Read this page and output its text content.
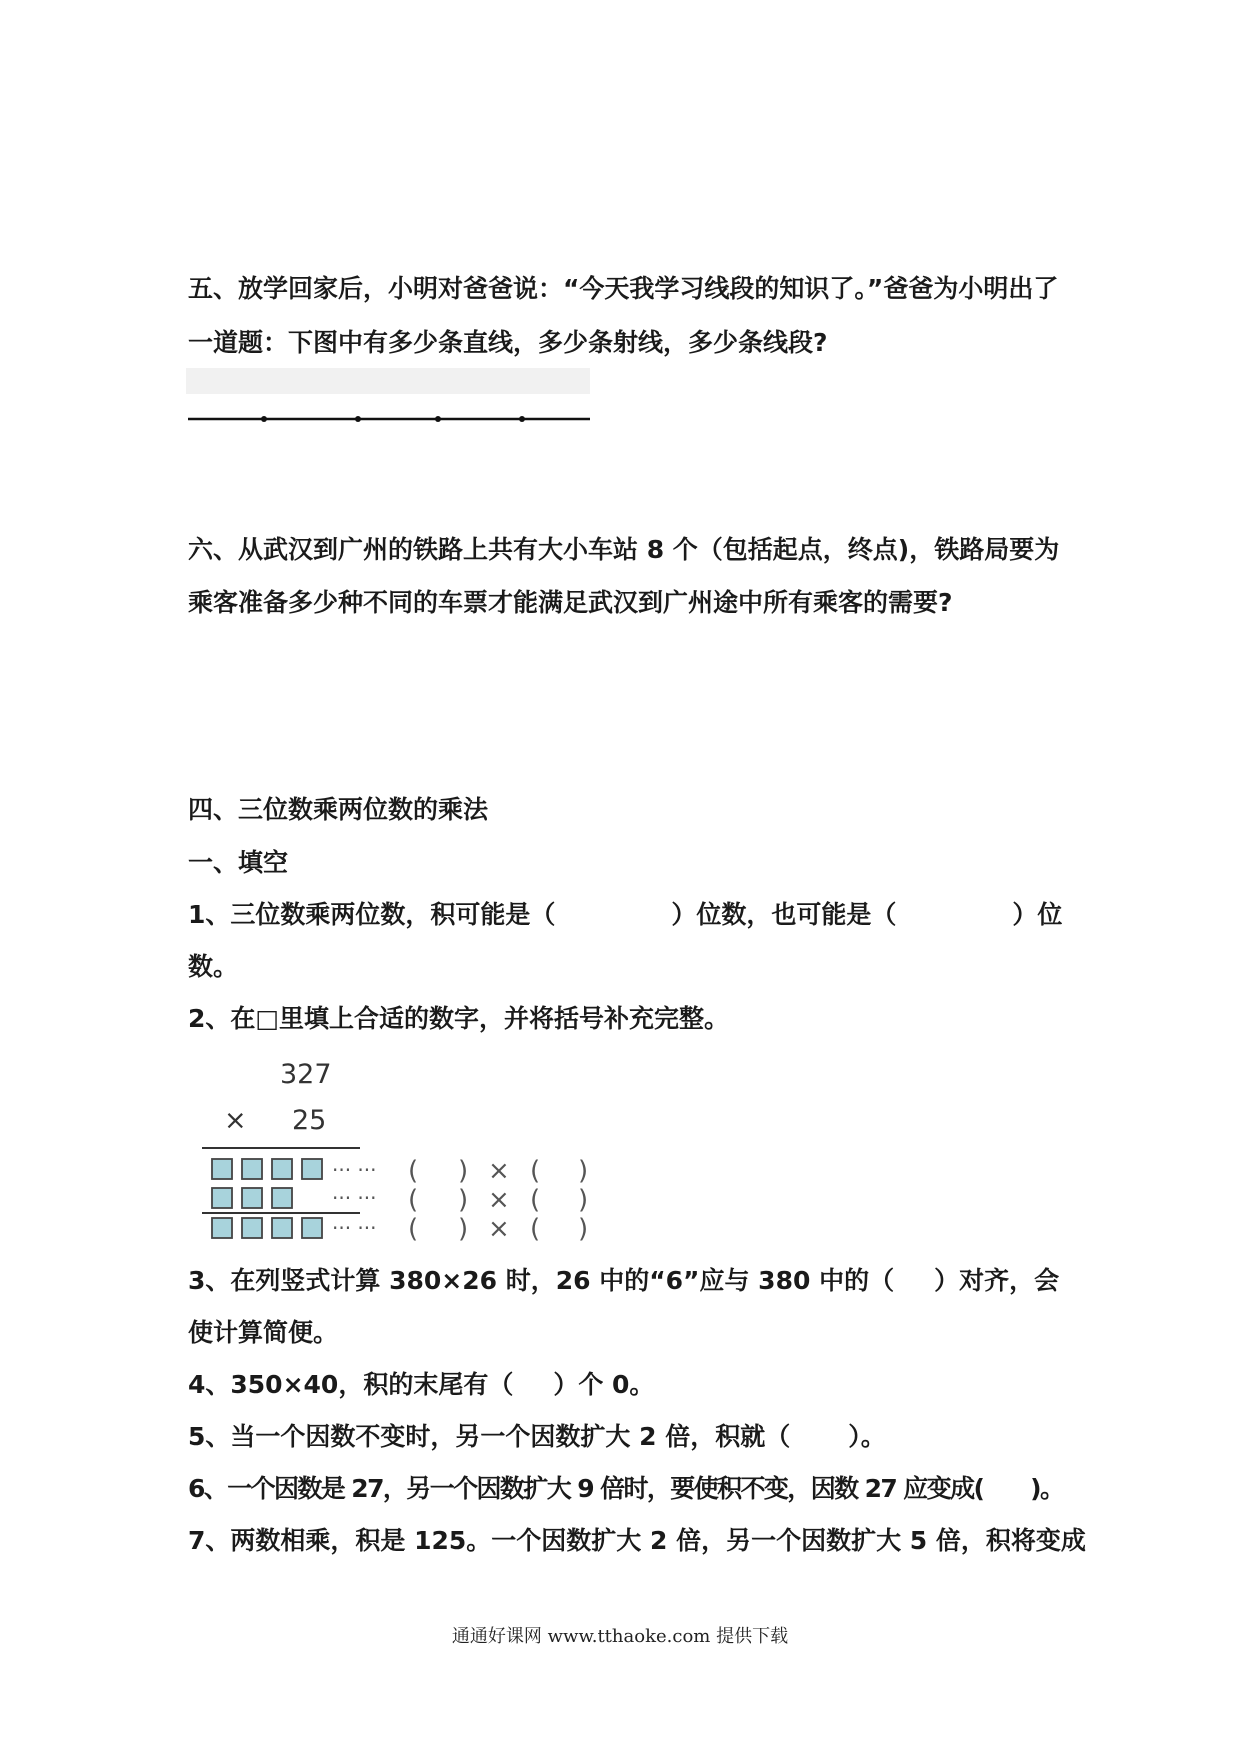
五、放学回家后，小明对爸爸说：“今天我学习线段的知识了。”爸爸为小明出了

一道题：下图中有多少条直线，多少条射线，多少条线段?

六、从武汉到广州的铁路上共有大小车站 8 个（包括起点，终点)，铁路局要为

乘客准备多少种不同的车票才能满足武汉到广州途中所有乘客的需要?

四、三位数乘两位数的乘法

一、填空

1、三位数乘两位数，积可能是（	）位数，也可能是（	）位

数。

2、在□里填上合适的数字，并将括号补充完整。

327
× 25
··· ···
··· ···
··· ···
( ) × ( )
( ) × ( )
( ) × ( )

3、在列竖式计算 380×26 时，26 中的“6”应与 380 中的（ ）对齐，会

使计算简便。

4、350×40，积的末尾有（ ）个 0。

5、当一个因数不变时，另一个因数扩大 2 倍，积就（ ）。

6、一个因数是 27，另一个因数扩大 9 倍时，要使积不变，因数 27 应变成(　　)。

7、两数相乘，积是 125。一个因数扩大 2 倍，另一个因数扩大 5 倍，积将变成

通通好课网 www.tthaoke.com 提供下载
